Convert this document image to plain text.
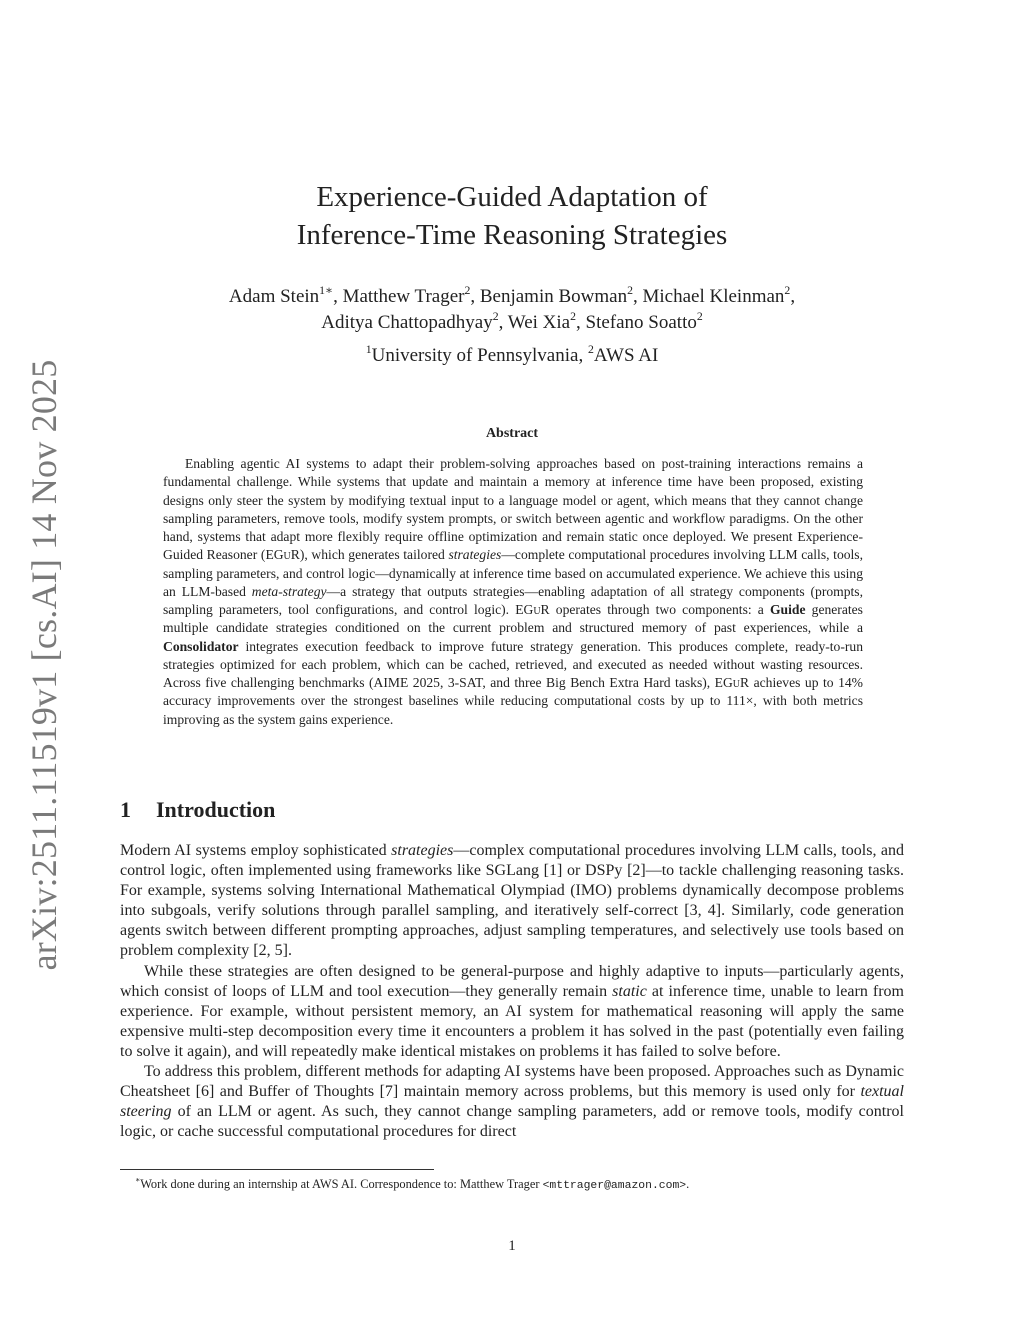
arXiv:2511.11519v1 [cs.AI] 14 Nov 2025
Experience-Guided Adaptation of
Inference-Time Reasoning Strategies
Adam Stein$^{1∗}$, Matthew Trager$^2$, Benjamin Bowman$^2$, Michael Kleinman$^2$,
Aditya Chattopadhyay$^2$, Wei Xia$^2$, Stefano Soatto$^2$
$^1$University of Pennsylvania, $^2$AWS AI
Abstract

Enabling agentic AI systems to adapt their problem-solving approaches based on post-training interactions remains a fundamental challenge. While systems that update and maintain a memory at inference time have been proposed, existing designs only steer the system by modifying textual input to a language model or agent, which means that they cannot change sampling parameters, remove tools, modify system prompts, or switch between agentic and workflow paradigms. On the other hand, systems that adapt more flexibly require offline optimization and remain static once deployed. We present Experience-Guided Reasoner (EGuR), which generates tailored strategies—complete computational procedures involving LLM calls, tools, sampling parameters, and control logic—dynamically at inference time based on accumulated experience. We achieve this using an LLM-based meta-strategy—a strategy that outputs strategies—enabling adaptation of all strategy components (prompts, sampling parameters, tool configurations, and control logic). EGuR operates through two components: a Guide generates multiple candidate strategies conditioned on the current problem and structured memory of past experiences, while a Consolidator integrates execution feedback to improve future strategy generation. This produces complete, ready-to-run strategies optimized for each problem, which can be cached, retrieved, and executed as needed without wasting resources. Across five challenging benchmarks (AIME 2025, 3-SAT, and three Big Bench Extra Hard tasks), EGuR achieves up to 14% accuracy improvements over the strongest baselines while reducing computational costs by up to 111×, with both metrics improving as the system gains experience.

1 Introduction

Modern AI systems employ sophisticated strategies—complex computational procedures involving LLM calls, tools, and control logic, often implemented using frameworks like SGLang [1] or DSPy [2]—to tackle challenging reasoning tasks. For example, systems solving International Mathematical Olympiad (IMO) problems dynamically decompose problems into subgoals, verify solutions through parallel sampling, and iteratively self-correct [3, 4]. Similarly, code generation agents switch between different prompting approaches, adjust sampling temperatures, and selectively use tools based on problem complexity [2, 5].

While these strategies are often designed to be general-purpose and highly adaptive to inputs—particularly agents, which consist of loops of LLM and tool execution—they generally remain static at inference time, unable to learn from experience. For example, without persistent memory, an AI system for mathematical reasoning will apply the same expensive multi-step decomposition every time it encounters a problem it has solved in the past (potentially even failing to solve it again), and will repeatedly make identical mistakes on problems it has failed to solve before.

To address this problem, different methods for adapting AI systems have been proposed. Approaches such as Dynamic Cheatsheet [6] and Buffer of Thoughts [7] maintain memory across problems, but this memory is used only for textual steering of an LLM or agent. As such, they cannot change sampling parameters, add or remove tools, modify control logic, or cache successful computational procedures for direct

∗Work done during an internship at AWS AI. Correspondence to: Matthew Trager <mttrager@amazon.com>.
1
